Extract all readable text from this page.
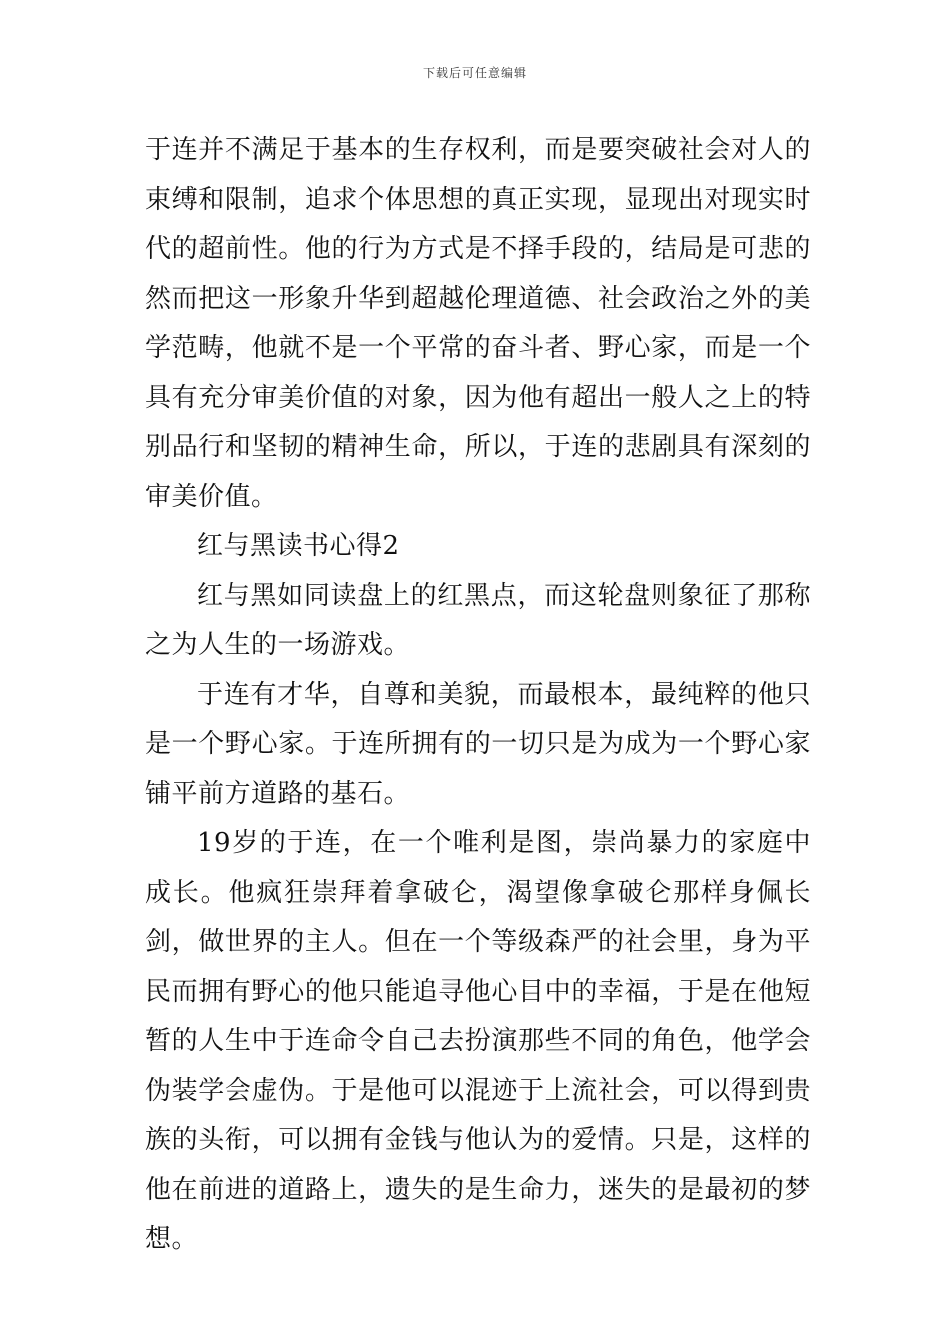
下载后可任意编辑

于连并不满足于基本的生存权利，而是要突破社会对人的束缚和限制，追求个体思想的真正实现，显现出对现实时代的超前性。他的行为方式是不择手段的，结局是可悲的然而把这一形象升华到超越伦理道德、社会政治之外的美学范畴，他就不是一个平常的奋斗者、野心家，而是一个具有充分审美价值的对象，因为他有超出一般人之上的特别品行和坚韧的精神生命，所以，于连的悲剧具有深刻的审美价值。

红与黑读书心得2

红与黑如同读盘上的红黑点，而这轮盘则象征了那称之为人生的一场游戏。

于连有才华，自尊和美貌，而最根本，最纯粹的他只是一个野心家。于连所拥有的一切只是为成为一个野心家铺平前方道路的基石。

19岁的于连，在一个唯利是图，崇尚暴力的家庭中成长。他疯狂崇拜着拿破仑，渴望像拿破仑那样身佩长剑，做世界的主人。但在一个等级森严的社会里，身为平民而拥有野心的他只能追寻他心目中的幸福，于是在他短暂的人生中于连命令自己去扮演那些不同的角色，他学会伪装学会虚伪。于是他可以混迹于上流社会，可以得到贵族的头衔，可以拥有金钱与他认为的爱情。只是，这样的他在前进的道路上，遗失的是生命力，迷失的是最初的梦想。
